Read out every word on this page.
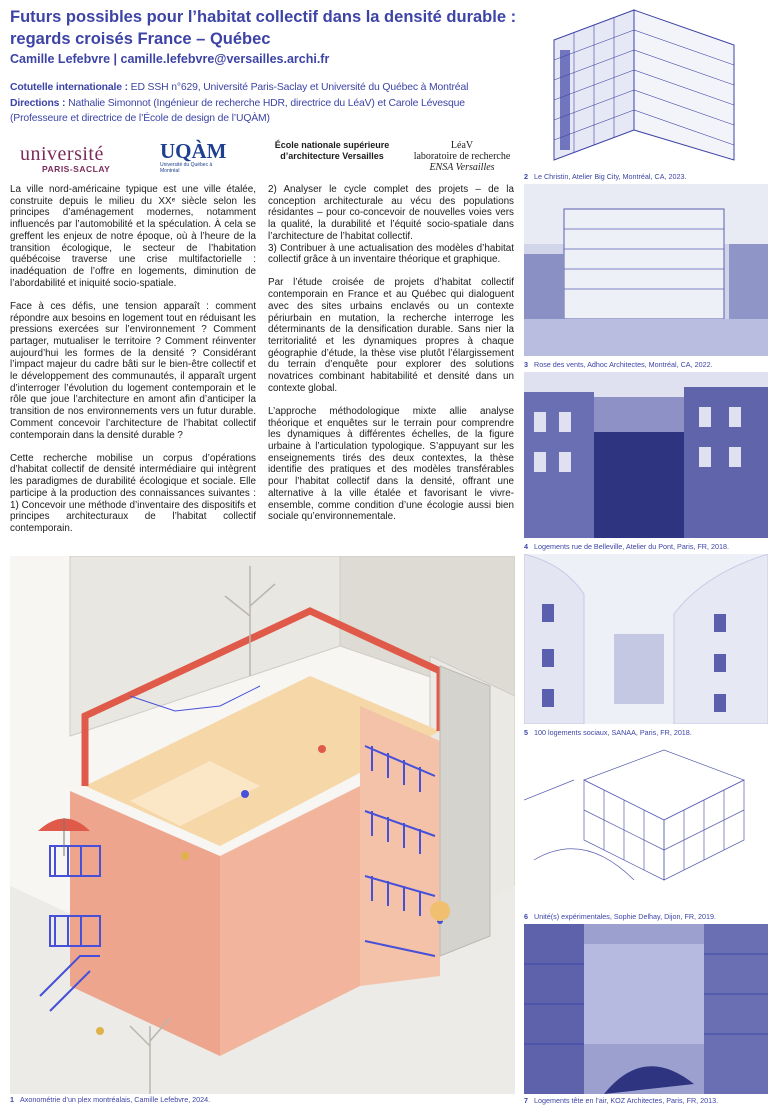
Futurs possibles pour l’habitat collectif dans la densité durable : regards croisés France – Québec
Camille Lefebvre | camille.lefebvre@versailles.archi.fr
Cotutelle internationale : ED SSH n°629, Université Paris-Saclay et Université du Québec à Montréal
Directions : Nathalie Simonnot (Ingénieur de recherche HDR, directrice du LéaV) et Carole Lévesque (Professeure et directrice de l’École de design de l’UQÀM)
université
PARIS-SACLAY
UQÀM
Université du Québec à Montréal
École nationale supérieure d’architecture Versailles
LéaV
laboratoire de recherche
ENSA Versailles

La ville nord-américaine typique est une ville étalée, construite depuis le milieu du XXᵉ siècle selon les principes d’aménagement modernes, notamment influencés par l’automobilité et la spéculation. À cela se greffent les enjeux de notre époque, où à l’heure de la transition écologique, le secteur de l’habitation québécoise traverse une crise multifactorielle : inadéquation de l’offre en logements, diminution de l’abordabilité et iniquité socio-spatiale.

Face à ces défis, une tension apparaît : comment répondre aux besoins en logement tout en réduisant les pressions exercées sur l’environnement ? Comment partager, mutualiser le territoire ? Comment réinventer aujourd’hui les formes de la densité ? Considérant l’impact majeur du cadre bâti sur le bien-être collectif et le développement des communautés, il apparaît urgent d’interroger l’évolution du logement contemporain et le rôle que joue l’architecture en amont afin d’anticiper la transition de nos environnements vers un futur durable. Comment concevoir l’architecture de l’habitat collectif contemporain dans la densité durable ?

Cette recherche mobilise un corpus d’opérations d’habitat collectif de densité intermédiaire qui intègrent les paradigmes de durabilité écologique et sociale. Elle participe à la production des connaissances suivantes : 1) Concevoir une méthode d’inventaire des dispositifs et principes architecturaux de l’habitat collectif contemporain.

2) Analyser le cycle complet des projets – de la conception architecturale au vécu des populations résidantes – pour co-concevoir de nouvelles voies vers la qualité, la durabilité et l’équité socio-spatiale dans l’architecture de l’habitat collectif.

3) Contribuer à une actualisation des modèles d’habitat collectif grâce à un inventaire théorique et graphique.

Par l’étude croisée de projets d’habitat collectif contemporain en France et au Québec qui dialoguent avec des sites urbains enclavés ou un contexte périurbain en mutation, la recherche interroge les déterminants de la densification durable. Sans nier la territorialité et les dynamiques propres à chaque géographie d’étude, la thèse vise plutôt l’élargissement du terrain d’enquête pour explorer des solutions novatrices combinant habitabilité et densité dans un contexte global.

L’approche méthodologique mixte allie analyse théorique et enquêtes sur le terrain pour comprendre les dynamiques à différentes échelles, de la figure urbaine à l’articulation typologique. S’appuyant sur les enseignements tirés des deux contextes, la thèse identifie des pratiques et des modèles transférables pour l’habitat collectif dans la densité, offrant une alternative à la ville étalée et favorisant le vivre-ensemble, comme condition d’une écologie aussi bien sociale qu’environnementale.

1 Axonométrie d’un plex montréalais, Camille Lefebvre, 2024.
2 Le Christin, Atelier Big City, Montréal, CA, 2023.
3 Rose des vents, Adhoc Architectes, Montréal, CA, 2022.
4 Logements rue de Belleville, Atelier du Pont, Paris, FR, 2018.
5 100 logements sociaux, SANAA, Paris, FR, 2018.
6 Unité(s) expérimentales, Sophie Delhay, Dijon, FR, 2019.
7 Logements tête en l’air, KOZ Architectes, Paris, FR, 2013.
